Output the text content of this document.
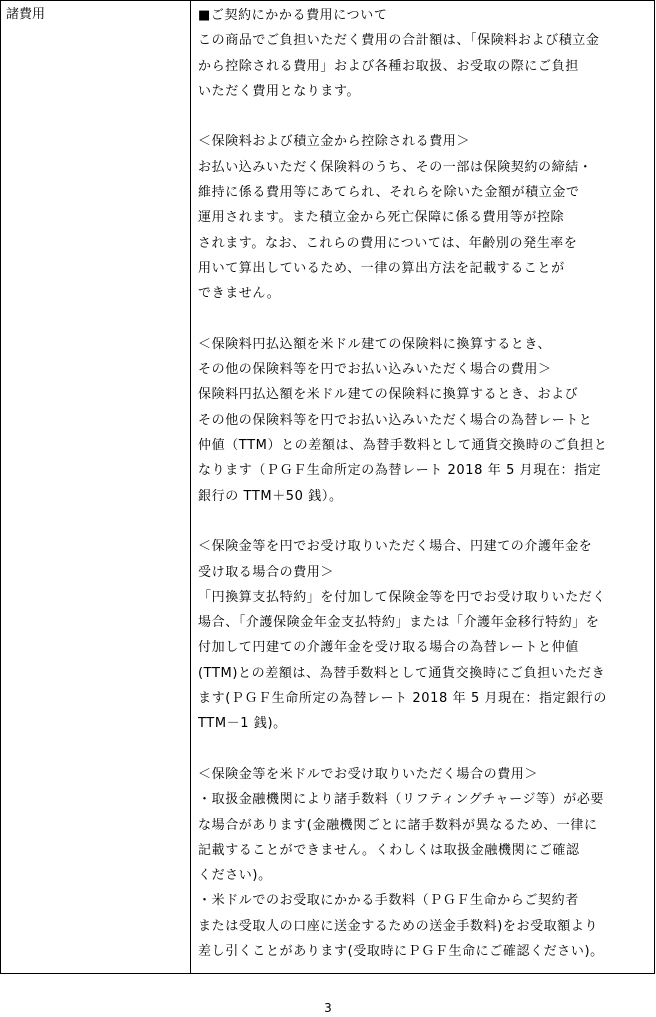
諸費用	■ご契約にかかる費用について
この商品でご負担いただく費用の合計額は、「保険料および積立金
から控除される費用」および各種お取扱、お受取の際にご負担
いただく費用となります。
＜保険料および積立金から控除される費用＞
お払い込みいただく保険料のうち、その一部は保険契約の締結・
維持に係る費用等にあてられ、それらを除いた金額が積立金で
運用されます。また積立金から死亡保障に係る費用等が控除
されます。なお、これらの費用については、年齢別の発生率を
用いて算出しているため、一律の算出方法を記載することが
できません。
＜保険料円払込額を米ドル建ての保険料に換算するとき、
その他の保険料等を円でお払い込みいただく場合の費用＞
保険料円払込額を米ドル建ての保険料に換算するとき、および
その他の保険料等を円でお払い込みいただく場合の為替レートと
仲値（TTM）との差額は、為替手数料として通貨交換時のご負担と
なります（ＰＧＦ生命所定の為替レート 2018 年 5 月現在：指定
銀行の TTM＋50 銭）。
＜保険金等を円でお受け取りいただく場合、円建ての介護年金を
受け取る場合の費用＞
「円換算支払特約」を付加して保険金等を円でお受け取りいただく
場合、「介護保険金年金支払特約」または「介護年金移行特約」を
付加して円建ての介護年金を受け取る場合の為替レートと仲値
(TTM)との差額は、為替手数料として通貨交換時にご負担いただき
ます(ＰＧＦ生命所定の為替レート 2018 年 5 月現在：指定銀行の
TTM－1 銭)。
＜保険金等を米ドルでお受け取りいただく場合の費用＞
・取扱金融機関により諸手数料（リフティングチャージ等）が必要
な場合があります(金融機関ごとに諸手数料が異なるため、一律に
記載することができません。くわしくは取扱金融機関にご確認
ください)。
・米ドルでのお受取にかかる手数料（ＰＧＦ生命からご契約者
または受取人の口座に送金するための送金手数料)をお受取額より
差し引くことがあります(受取時にＰＧＦ生命にご確認ください)。
3
